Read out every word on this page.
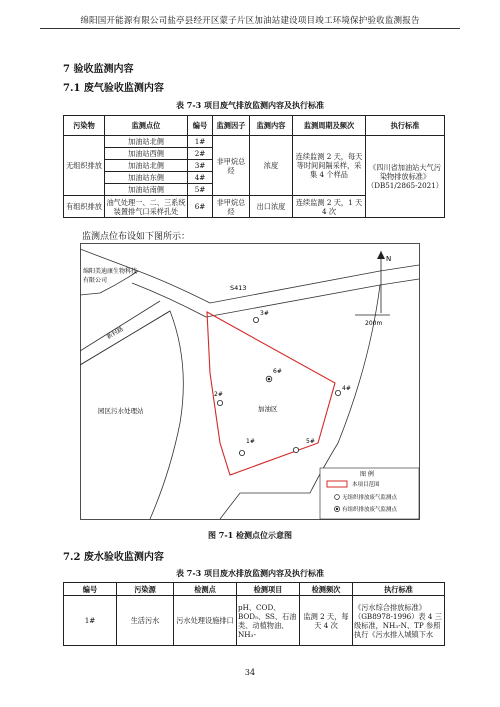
绵阳国开能源有限公司盐亭县经开区蒙子片区加油站建设项目竣工环境保护验收监测报告
7 验收监测内容
7.1 废气验收监测内容
表 7-3 项目废气排放监测内容及执行标准
污染物	监测点位	编号	监测因子	监测内容	监测周期及频次	执行标准
无组织排放	加油站北侧	1#	非甲烷总烃	浓度	连续监测 2 天，每天等时间间隔采样，采集 4 个样品	《四川省加油站大气污染物排放标准》（DB51/2865-2021）
	加油站西侧	2#				
	加油站北侧	3#				
	加油站东侧	4#				
	加油站南侧	5#				
有组织排放	油气处理一、二、三系统装置排气口采样孔处	6#	非甲烷总烃	出口浓度	连续监测 2 天，1 天 4 次	
监测点位布设如下图所示：
N
200m
绵阳美迪康生物科技
有限公司
S413
新村路
园区污水处理站	加油区
1#
2#
3#
4#
5#
6#
图 例
本项目范围
无组织排放废气监测点
有组织排放废气监测点
图 7-1 检测点位示意图
7.2 废水验收监测内容
表 7-3 项目废水排放监测内容及执行标准
编号	污染源	检测点	检测项目	检测频次	执行标准
1#	生活污水	污水处理设施排口	pH、COD、BOD₅、SS、石油类、动植物油、NH₃-	监测 2 天，每天 4 次	《污水综合排放标准》（GB8978-1996）表 4 三级标准，NH₃-N、TP 参照执行《污水排入城镇下水
34
